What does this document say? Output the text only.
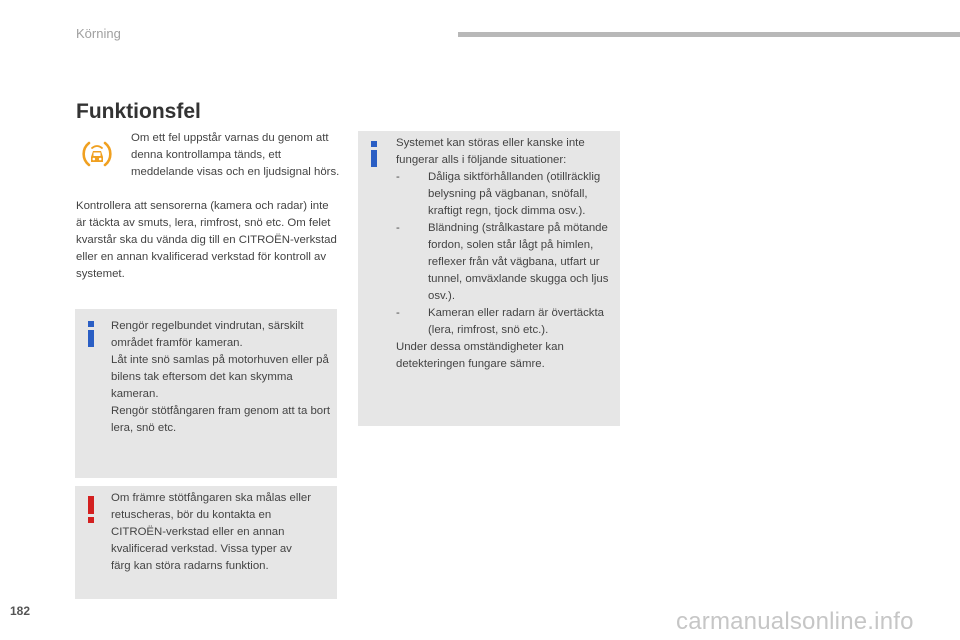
Körning
Funktionsfel

Om ett fel uppstår varnas du genom att denna kontrollampa tänds, ett meddelande visas och en ljudsignal hörs.

Kontrollera att sensorerna (kamera och radar) inte är täckta av smuts, lera, rimfrost, snö etc. Om felet kvarstår ska du vända dig till en CITROËN-verkstad eller en annan kvalificerad verkstad för kontroll av systemet.

Rengör regelbundet vindrutan, särskilt området framför kameran.
Låt inte snö samlas på motorhuven eller på bilens tak eftersom det kan skymma kameran.
Rengör stötfångaren fram genom att ta bort lera, snö etc.

Om främre stötfångaren ska målas eller retuscheras, bör du kontakta en CITROËN-verkstad eller en annan kvalificerad verkstad. Vissa typer av färg kan störa radarns funktion.

Systemet kan störas eller kanske inte fungerar alls i följande situationer:
- Dåliga siktförhållanden (otillräcklig belysning på vägbanan, snöfall, kraftigt regn, tjock dimma osv.).
- Bländning (strålkastare på mötande fordon, solen står lågt på himlen, reflexer från våt vägbana, utfart ur tunnel, omväxlande skugga och ljus osv.).
- Kameran eller radarn är övertäckta (lera, rimfrost, snö etc.).
Under dessa omständigheter kan detekteringen fungare sämre.
182	carmanualsonline.info
